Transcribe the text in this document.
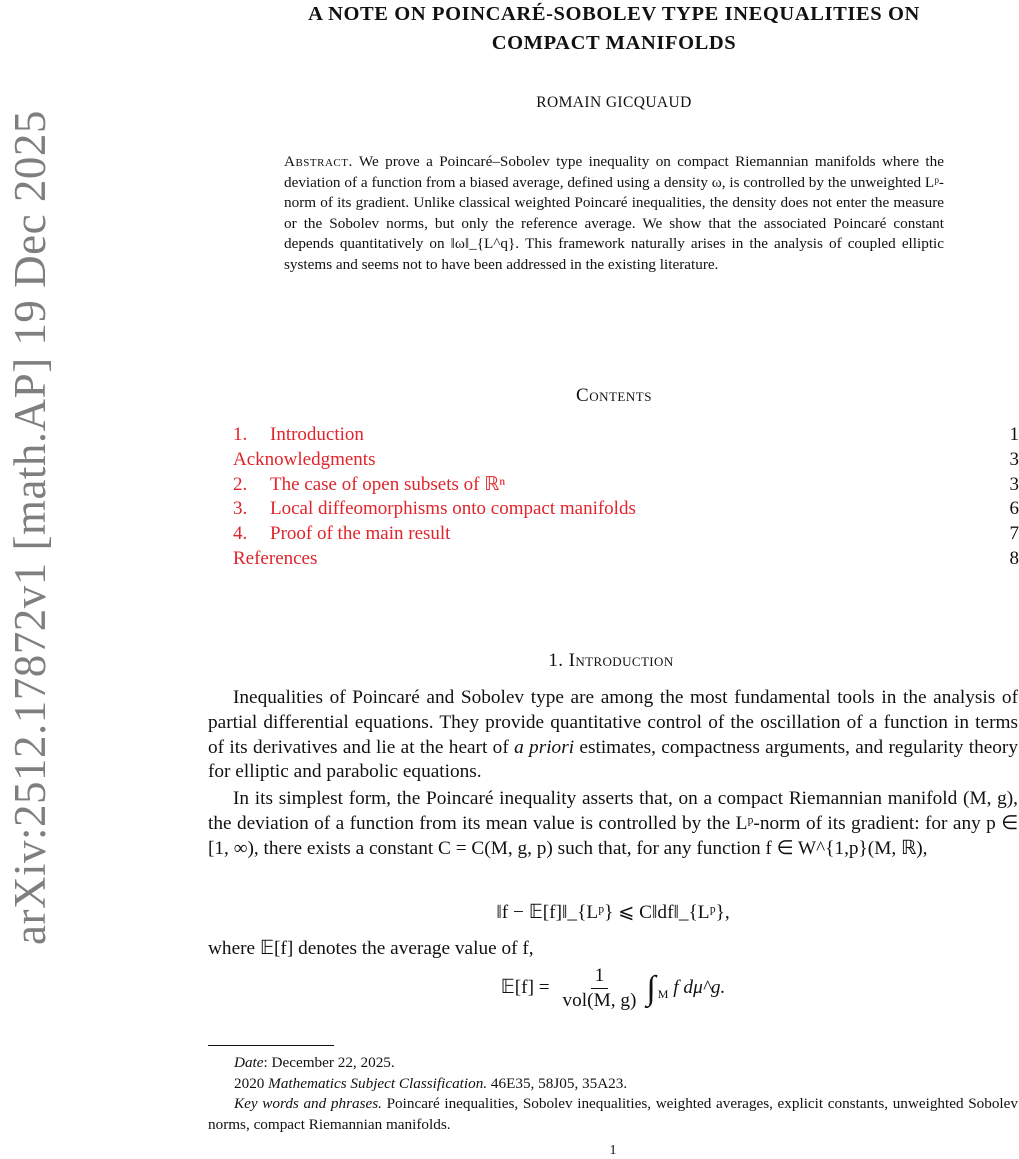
arXiv:2512.17872v1 [math.AP] 19 Dec 2025
A NOTE ON POINCARÉ-SOBOLEV TYPE INEQUALITIES ON
COMPACT MANIFOLDS
ROMAIN GICQUAUD
Abstract. We prove a Poincaré–Sobolev type inequality on compact Riemannian manifolds where the deviation of a function from a biased average, defined using a density ω, is controlled by the unweighted Lᵖ-norm of its gradient. Unlike classical weighted Poincaré inequalities, the density does not enter the measure or the Sobolev norms, but only the reference average. We show that the associated Poincaré constant depends quantitatively on ‖ω‖_{L^q}. This framework naturally arises in the analysis of coupled elliptic systems and seems not to have been addressed in the existing literature.
Contents
1. Introduction	1
Acknowledgments	3
2. The case of open subsets of ℝⁿ	3
3. Local diffeomorphisms onto compact manifolds	6
4. Proof of the main result	7
References	8
1. Introduction
Inequalities of Poincaré and Sobolev type are among the most fundamental tools in the analysis of partial differential equations. They provide quantitative control of the oscillation of a function in terms of its derivatives and lie at the heart of a priori estimates, compactness arguments, and regularity theory for elliptic and parabolic equations.
In its simplest form, the Poincaré inequality asserts that, on a compact Riemannian manifold (M, g), the deviation of a function from its mean value is controlled by the Lᵖ-norm of its gradient: for any p ∈ [1, ∞), there exists a constant C = C(M, g, p) such that, for any function f ∈ W^{1,p}(M, ℝ),
‖f − 𝔼[f]‖_{Lᵖ} ⩽ C‖df‖_{Lᵖ},
where 𝔼[f] denotes the average value of f,
𝔼[f] = $\frac{1}{\text{vol(M, g)}}$ ∫ $_M$ f dμ^g.
Date: December 22, 2025.
2020 Mathematics Subject Classification. 46E35, 58J05, 35A23.
Key words and phrases. Poincaré inequalities, Sobolev inequalities, weighted averages, explicit constants, unweighted Sobolev norms, compact Riemannian manifolds.
1
